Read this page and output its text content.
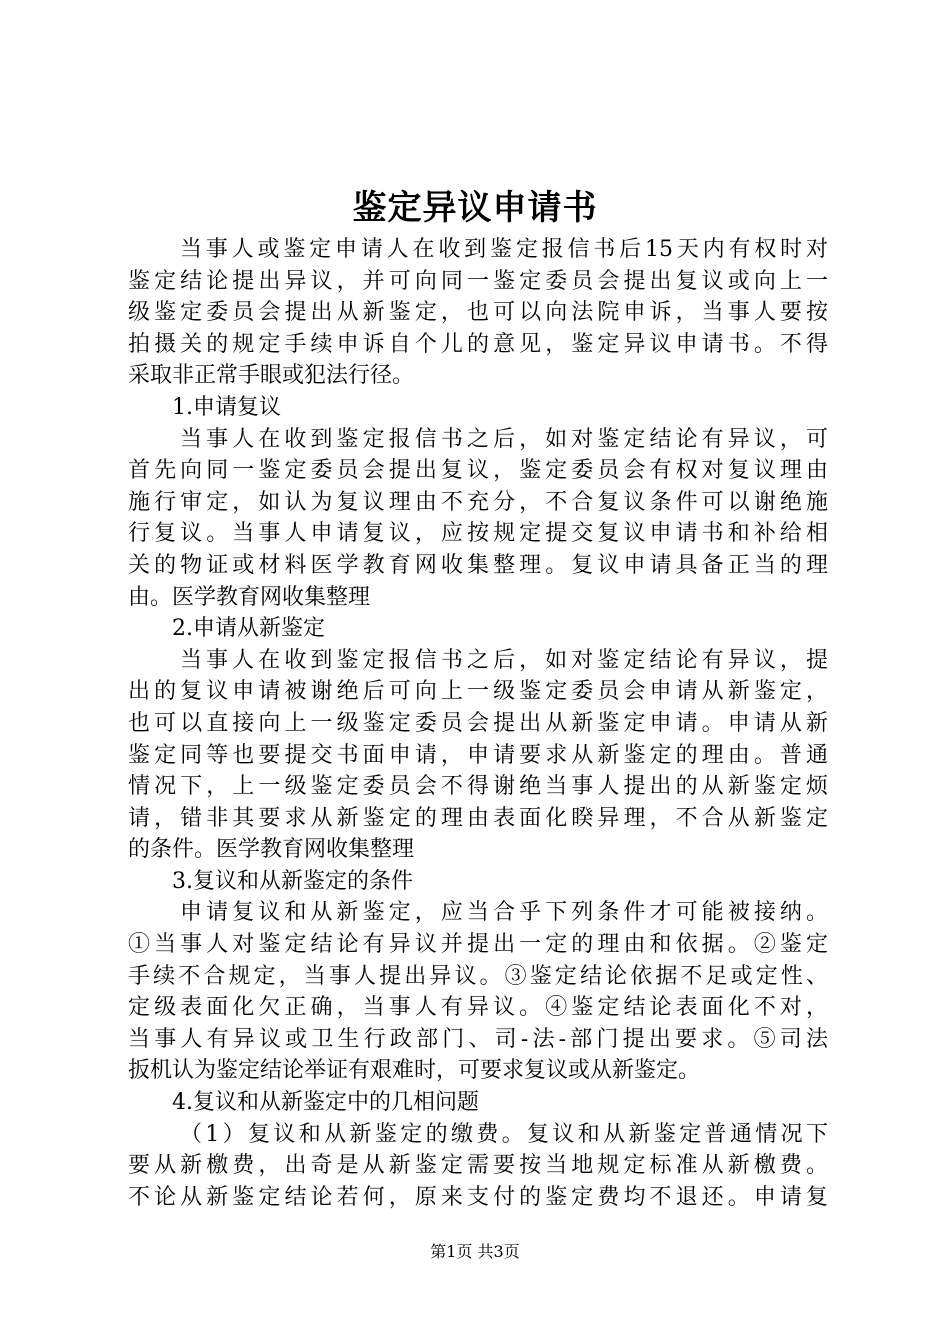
鉴定异议申请书
当事人或鉴定申请人在收到鉴定报信书后15天内有权时对
鉴定结论提出异议，并可向同一鉴定委员会提出复议或向上一
级鉴定委员会提出从新鉴定，也可以向法院申诉，当事人要按
拍摄关的规定手续申诉自个儿的意见，鉴定异议申请书。不得
采取非正常手眼或犯法行径。
1.申请复议
当事人在收到鉴定报信书之后，如对鉴定结论有异议，可
首先向同一鉴定委员会提出复议，鉴定委员会有权对复议理由
施行审定，如认为复议理由不充分，不合复议条件可以谢绝施
行复议。当事人申请复议，应按规定提交复议申请书和补给相
关的物证或材料医学教育网收集整理。复议申请具备正当的理
由。医学教育网收集整理
2.申请从新鉴定
当事人在收到鉴定报信书之后，如对鉴定结论有异议，提
出的复议申请被谢绝后可向上一级鉴定委员会申请从新鉴定，
也可以直接向上一级鉴定委员会提出从新鉴定申请。申请从新
鉴定同等也要提交书面申请，申请要求从新鉴定的理由。普通
情况下，上一级鉴定委员会不得谢绝当事人提出的从新鉴定烦
请，错非其要求从新鉴定的理由表面化睽异理，不合从新鉴定
的条件。医学教育网收集整理
3.复议和从新鉴定的条件
申请复议和从新鉴定，应当合乎下列条件才可能被接纳。
①当事人对鉴定结论有异议并提出一定的理由和依据。②鉴定
手续不合规定，当事人提出异议。③鉴定结论依据不足或定性、
定级表面化欠正确，当事人有异议。④鉴定结论表面化不对，
当事人有异议或卫生行政部门、司-法-部门提出要求。⑤司法
扳机认为鉴定结论举证有艰难时，可要求复议或从新鉴定。
4.复议和从新鉴定中的几相问题
（1）复议和从新鉴定的缴费。复议和从新鉴定普通情况下
要从新檄费，出奇是从新鉴定需要按当地规定标准从新檄费。
不论从新鉴定结论若何，原来支付的鉴定费均不退还。申请复
第1页 共3页
